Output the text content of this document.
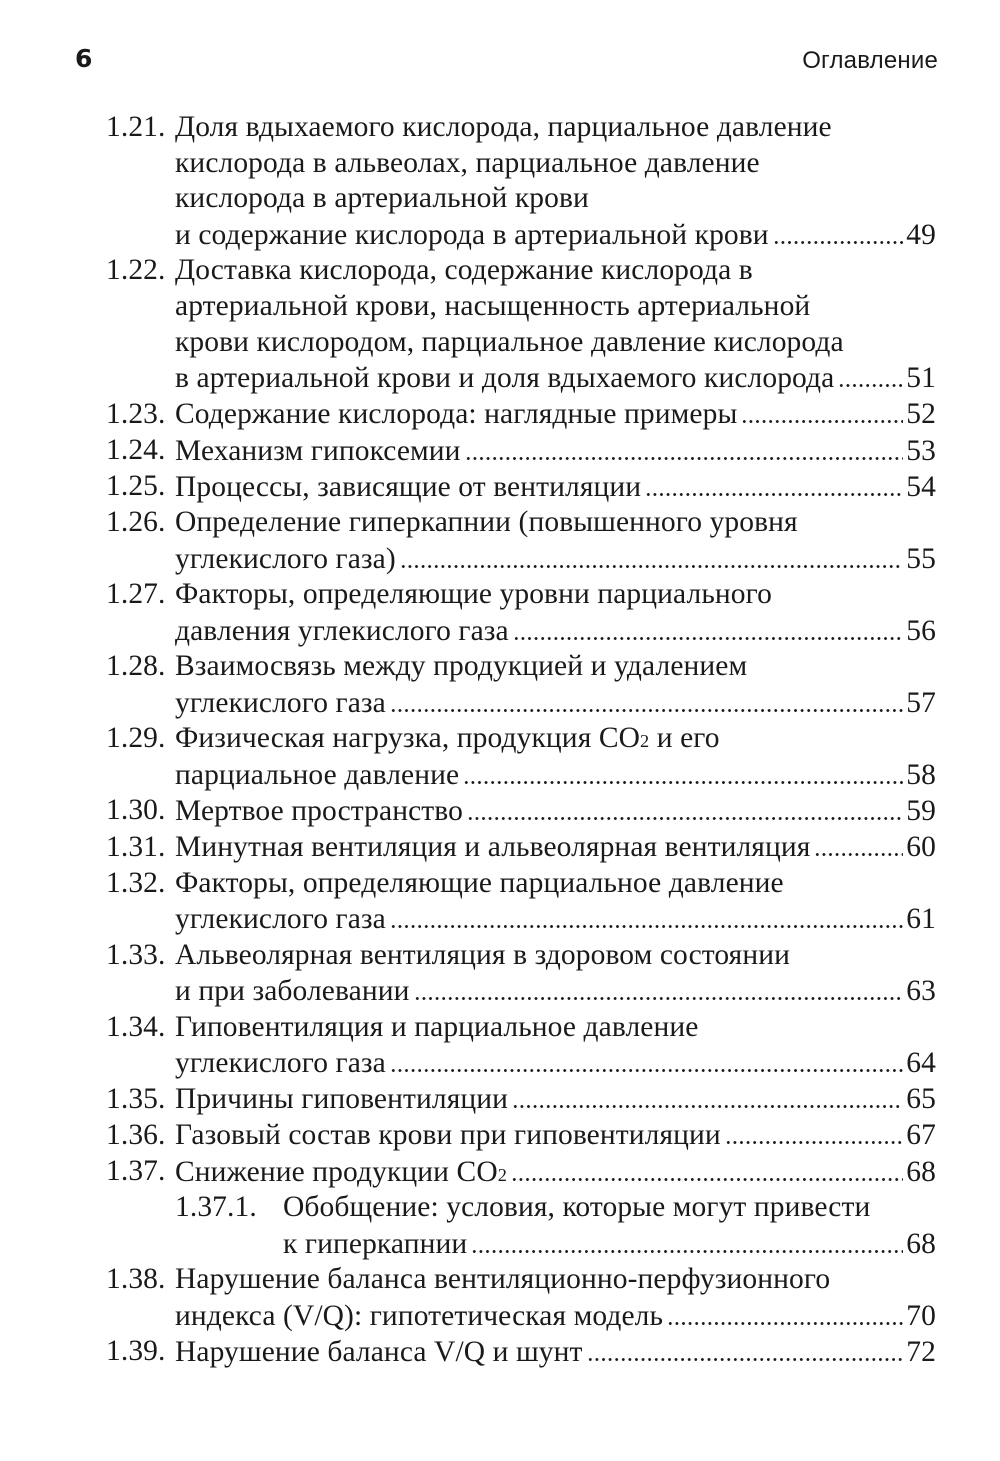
6	Оглавление
1.21. Доля вдыхаемого кислорода, парциальное давление
кислорода в альвеолах, парциальное давление
кислорода в артериальной крови
и содержание кислорода в артериальной крови	49
1.22. Доставка кислорода, содержание кислорода в
артериальной крови, насыщенность артериальной
крови кислородом, парциальное давление кислорода
в артериальной крови и доля вдыхаемого кислорода 51
1.23. Содержание кислорода: наглядные примеры	52
1.24. Механизм гипоксемии	53
1.25. Процессы, зависящие от вентиляции	54
1.26. Определение гиперкапнии (повышенного уровня
углекислого газа)	55
1.27. Факторы, определяющие уровни парциального
давления углекислого газа	56
1.28. Взаимосвязь между продукцией и удалением
углекислого газа	57
1.29. Физическая нагрузка, продукция CO 2 и его
парциальное давление	58
1.30. Мертвое пространство	59
1.31. Минутная вентиляция и альвеолярная вентиляция	60
1.32. Факторы, определяющие парциальное давление
углекислого газа	61
1.33. Альвеолярная вентиляция в здоровом состоянии
и при заболевании	63
1.34. Гиповентиляция и парциальное давление
углекислого газа	64
1.35. Причины гиповентиляции	65
1.36. Газовый состав крови при гиповентиляции	67
1.37. Снижение продукции CO 2	68
1.37.1. Обобщение: условия, которые могут привести
к гиперкапнии	68
1.38. Нарушение баланса вентиляционно-перфузионного
индекса (V/Q): гипотетическая модель	70
1.39. Нарушение баланса V/Q и шунт	72
